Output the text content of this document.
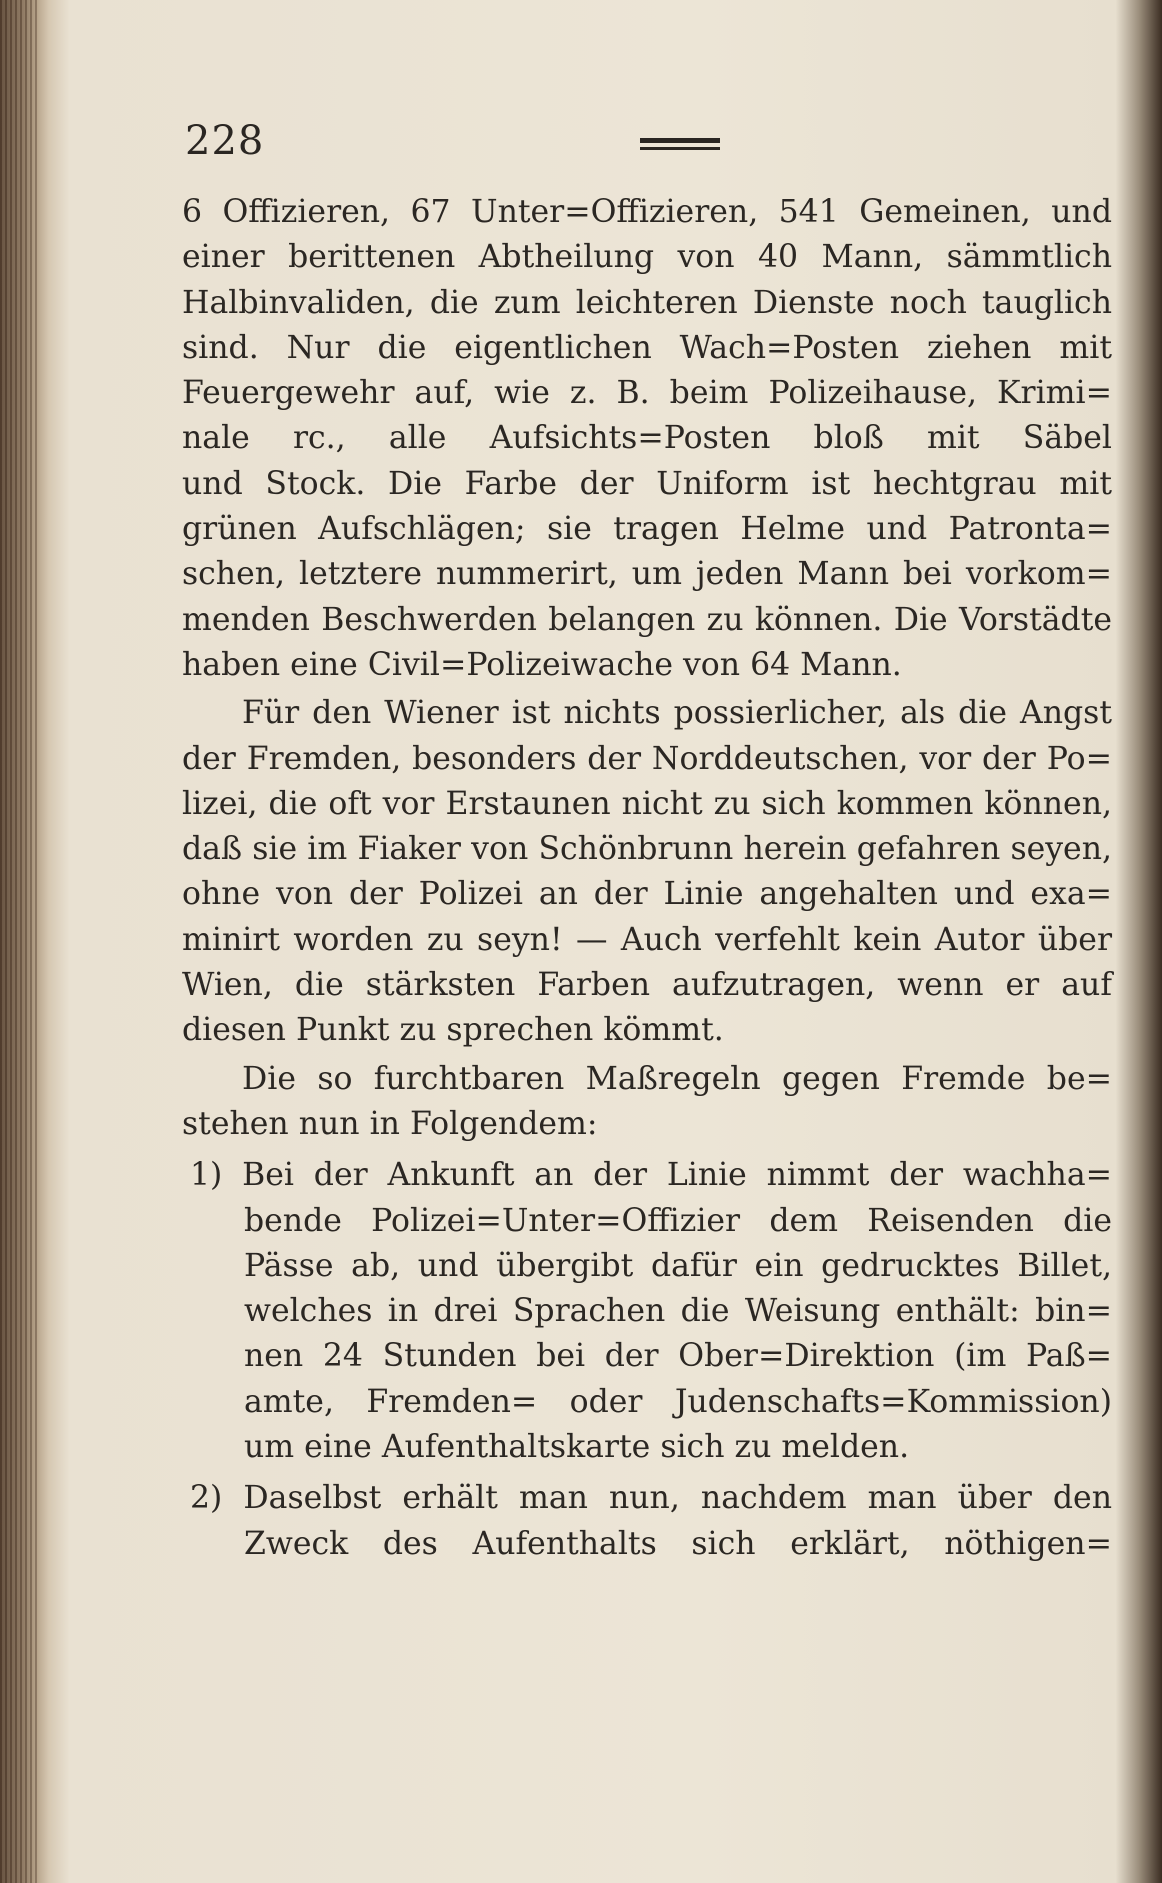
228
6 Offizieren, 67 Unter=Offizieren, 541 Gemeinen, und
einer berittenen Abtheilung von 40 Mann, sämmtlich
Halbinvaliden, die zum leichteren Dienste noch tauglich
sind. Nur die eigentlichen Wach=Posten ziehen mit
Feuergewehr auf, wie z. B. beim Polizeihause, Krimi=
nale rc., alle Aufsichts=Posten bloß mit Säbel
und Stock. Die Farbe der Uniform ist hechtgrau mit
grünen Aufschlägen; sie tragen Helme und Patronta=
schen, letztere nummerirt, um jeden Mann bei vorkom=
menden Beschwerden belangen zu können. Die Vorstädte
haben eine Civil=Polizeiwache von 64 Mann.
Für den Wiener ist nichts possierlicher, als die Angst
der Fremden, besonders der Norddeutschen, vor der Po=
lizei, die oft vor Erstaunen nicht zu sich kommen können,
daß sie im Fiaker von Schönbrunn herein gefahren seyen,
ohne von der Polizei an der Linie angehalten und exa=
minirt worden zu seyn! — Auch verfehlt kein Autor über
Wien, die stärksten Farben aufzutragen, wenn er auf
diesen Punkt zu sprechen kömmt.
Die so furchtbaren Maßregeln gegen Fremde be=
stehen nun in Folgendem:
1) Bei der Ankunft an der Linie nimmt der wachha=
bende Polizei=Unter=Offizier dem Reisenden die
Pässe ab, und übergibt dafür ein gedrucktes Billet,
welches in drei Sprachen die Weisung enthält: bin=
nen 24 Stunden bei der Ober=Direktion (im Paß=
amte, Fremden= oder Judenschafts=Kommission)
um eine Aufenthaltskarte sich zu melden.
2) Daselbst erhält man nun, nachdem man über den
Zweck des Aufenthalts sich erklärt, nöthigen=
